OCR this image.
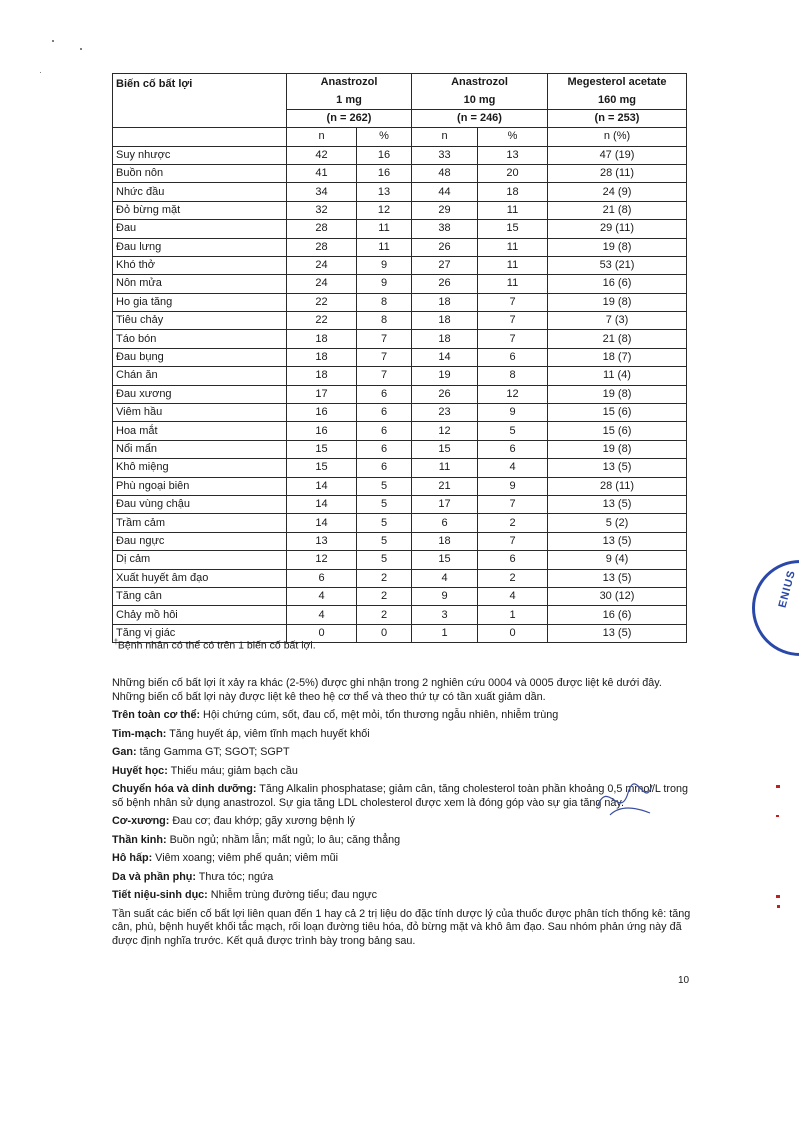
Biến cố bất lợi	Anastrozol		Anastrozol		Megesterol acetate
	1 mg		10 mg		160 mg
	(n = 262)		(n = 246)		(n = 253)
	n	%	n	%	n (%)
Suy nhược	42	16	33	13	47 (19)
Buồn nôn	41	16	48	20	28 (11)
Nhức đầu	34	13	44	18	24 (9)
Đỏ bừng mặt	32	12	29	11	21 (8)
Đau	28	11	38	15	29 (11)
Đau lưng	28	11	26	11	19 (8)
Khó thở	24	9	27	11	53 (21)
Nôn mửa	24	9	26	11	16 (6)
Ho gia tăng	22	8	18	7	19 (8)
Tiêu chảy	22	8	18	7	7 (3)
Táo bón	18	7	18	7	21 (8)
Đau bụng	18	7	14	6	18 (7)
Chán ăn	18	7	19	8	11 (4)
Đau xương	17	6	26	12	19 (8)
Viêm hầu	16	6	23	9	15 (6)
Hoa mắt	16	6	12	5	15 (6)
Nổi mẩn	15	6	15	6	19 (8)
Khô miệng	15	6	11	4	13 (5)
Phù ngoại biên	14	5	21	9	28 (11)
Đau vùng chậu	14	5	17	7	13 (5)
Trầm cảm	14	5	6	2	5 (2)
Đau ngực	13	5	18	7	13 (5)
Dị cảm	12	5	15	6	9 (4)
Xuất huyết âm đạo	6	2	4	2	13 (5)
Tăng cân	4	2	9	4	30 (12)
Chảy mồ hôi	4	2	3	1	16 (6)
Tăng vị giác	0	0	1	0	13 (5)
†Bệnh nhân có thể có trên 1 biến cố bất lợi.

Những biến cố bất lợi ít xảy ra khác (2-5%) được ghi nhận trong 2 nghiên cứu 0004 và 0005 được liệt kê dưới đây. Những biến cố bất lợi này được liệt kê theo hệ cơ thể và theo thứ tự có tần xuất giảm dần.

Trên toàn cơ thể: Hội chứng cúm, sốt, đau cổ, mệt mỏi, tổn thương ngẫu nhiên, nhiễm trùng

Tim-mạch: Tăng huyết áp, viêm tĩnh mạch huyết khối

Gan: tăng Gamma GT; SGOT; SGPT

Huyết học: Thiếu máu; giảm bạch cầu

Chuyển hóa và dinh dưỡng: Tăng Alkalin phosphatase; giảm cân, tăng cholesterol toàn phần khoảng 0,5 mmol/L trong số bệnh nhân sử dụng anastrozol. Sự gia tăng LDL cholesterol được xem là đóng góp vào sự gia tăng này.

Cơ-xương: Đau cơ; đau khớp; gãy xương bệnh lý

Thần kinh: Buồn ngủ; nhầm lẫn; mất ngủ; lo âu; căng thẳng

Hô hấp: Viêm xoang; viêm phế quản; viêm mũi

Da và phần phụ: Thưa tóc; ngứa

Tiết niệu-sinh dục: Nhiễm trùng đường tiểu; đau ngực

Tần suất các biến cố bất lợi liên quan đến 1 hay cả 2 trị liệu do đặc tính dược lý của thuốc được phân tích thống kê: tăng cân, phù, bệnh huyết khối tắc mạch, rối loạn đường tiêu hóa, đỏ bừng mặt và khô âm đạo. Sau nhóm phản ứng này đã được định nghĩa trước. Kết quả được trình bày trong bảng sau.

10
ENIUS
